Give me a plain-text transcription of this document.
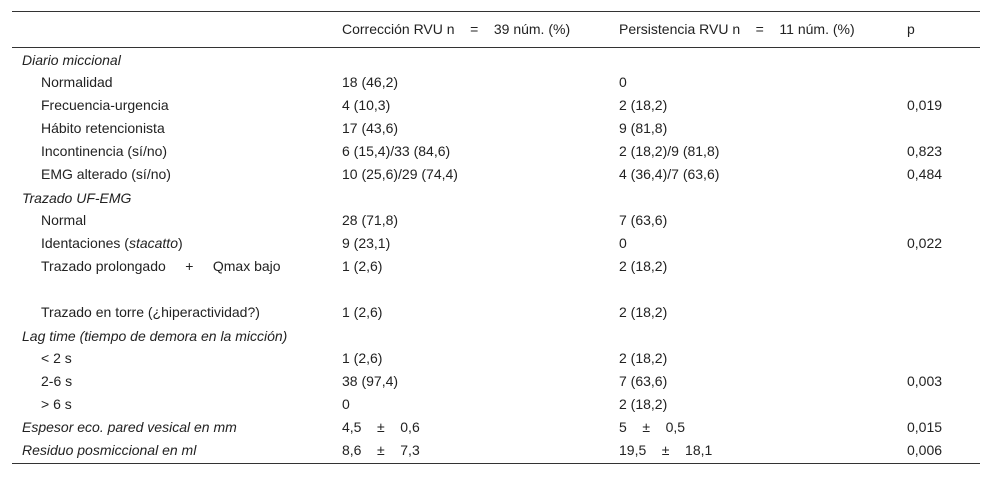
	Corrección RVU n    =    39 núm. (%)	Persistencia RVU n    =    11 núm. (%)	p
Diario miccional			
Normalidad	18 (46,2)	0	
Frecuencia-urgencia	4 (10,3)	2 (18,2)	0,019
Hábito retencionista	17 (43,6)	9 (81,8)	
Incontinencia (sí/no)	6 (15,4)/33 (84,6)	2 (18,2)/9 (81,8)	0,823
EMG alterado (sí/no)	10 (25,6)/29 (74,4)	4 (36,4)/7 (63,6)	0,484
Trazado UF-EMG			
Normal	28 (71,8)	7 (63,6)	
Identaciones (stacatto)	9 (23,1)	0	0,022

Trazado prolongado     +     Qmax bajo	1 (2,6)	2 (18,2)	
Trazado en torre (¿hiperactividad?)	1 (2,6)	2 (18,2)	
Lag time (tiempo de demora en la micción)			
< 2 s	1 (2,6)	2 (18,2)	
2-6 s	38 (97,4)	7 (63,6)	0,003
> 6 s	0	2 (18,2)	
Espesor eco. pared vesical en mm	4,5    ±    0,6	5    ±    0,5	0,015
Residuo posmiccional en ml	8,6    ±    7,3	19,5    ±    18,1	0,006
